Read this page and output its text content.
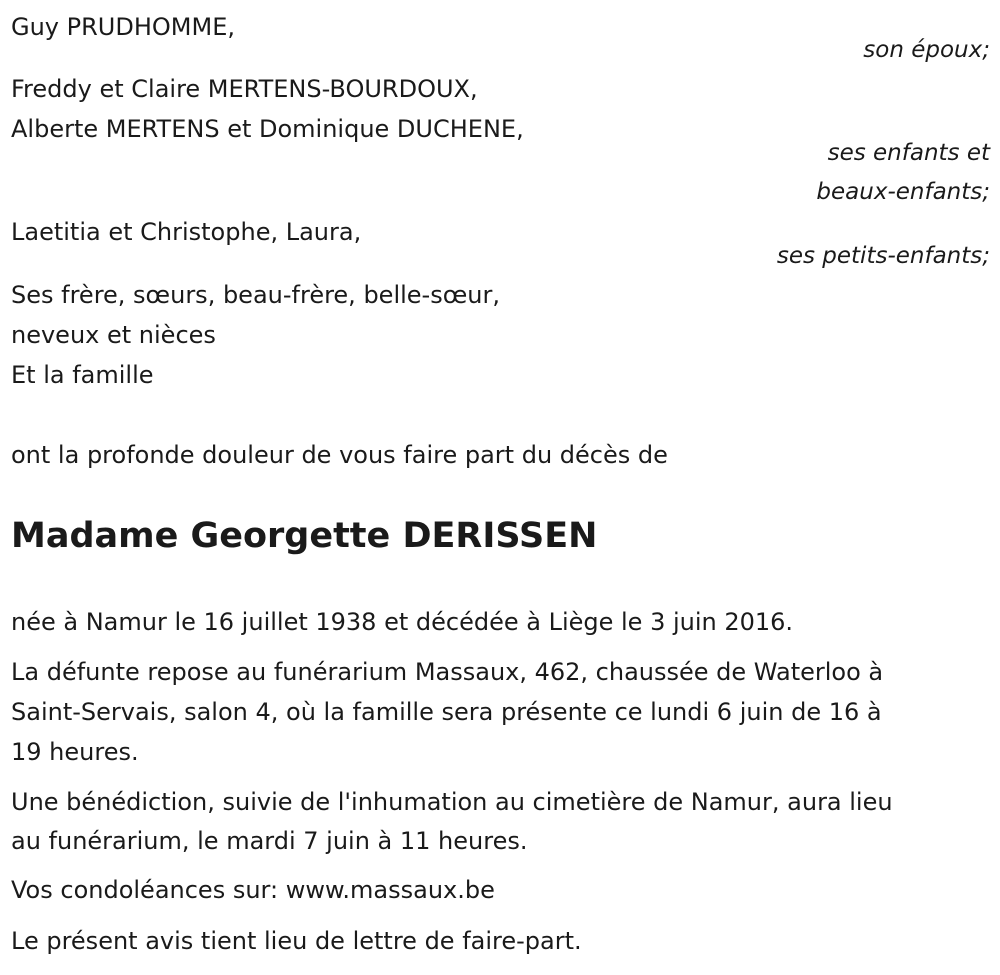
Guy PRUDHOMME,

son époux;

Freddy et Claire MERTENS-BOURDOUX,

Alberte MERTENS et Dominique DUCHENE,

ses enfants et

beaux-enfants;

Laetitia et Christophe, Laura,

ses petits-enfants;

Ses frère, sœurs, beau-frère, belle-sœur,

neveux et nièces

Et la famille

ont la profonde douleur de vous faire part du décès de

Madame Georgette DERISSEN

née à Namur le 16 juillet 1938 et décédée à Liège le 3 juin 2016.

La défunte repose au funérarium Massaux, 462, chaussée de Waterloo à

Saint-Servais, salon 4, où la famille sera présente ce lundi 6 juin de 16 à

19 heures.

Une bénédiction, suivie de l'inhumation au cimetière de Namur, aura lieu

au funérarium, le mardi 7 juin à 11 heures.

Vos condoléances sur: www.massaux.be

Le présent avis tient lieu de lettre de faire-part.
